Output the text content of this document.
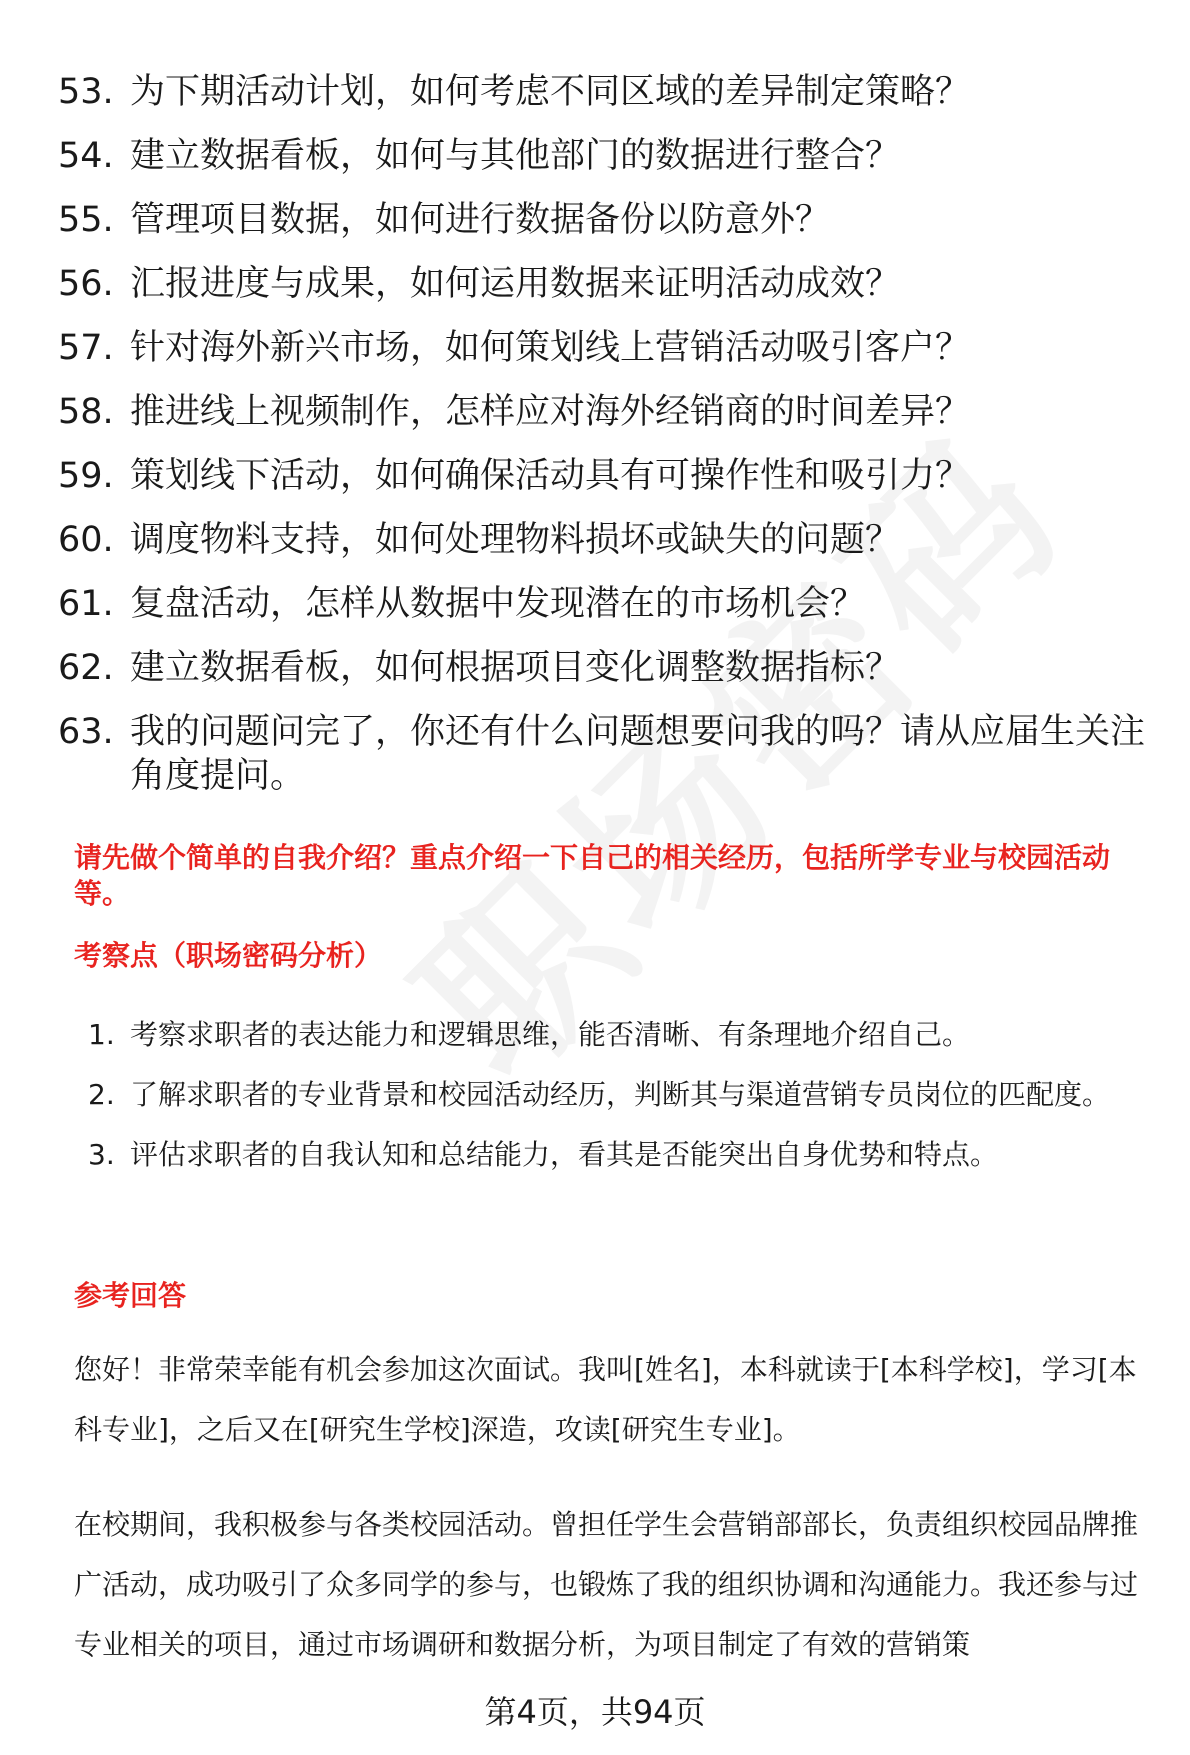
53. 为下期活动计划，如何考虑不同区域的差异制定策略？
54. 建立数据看板，如何与其他部门的数据进行整合？
55. 管理项目数据，如何进行数据备份以防意外？
56. 汇报进度与成果，如何运用数据来证明活动成效？
57. 针对海外新兴市场，如何策划线上营销活动吸引客户？
58. 推进线上视频制作，怎样应对海外经销商的时间差异？
59. 策划线下活动，如何确保活动具有可操作性和吸引力？
60. 调度物料支持，如何处理物料损坏或缺失的问题？
61. 复盘活动，怎样从数据中发现潜在的市场机会？
62. 建立数据看板，如何根据项目变化调整数据指标？
63. 我的问题问完了，你还有什么问题想要问我的吗？请从应届生关注角度提问。
请先做个简单的自我介绍？重点介绍一下自己的相关经历，包括所学专业与校园活动等。
考察点（职场密码分析）
1. 考察求职者的表达能力和逻辑思维，能否清晰、有条理地介绍自己。
2. 了解求职者的专业背景和校园活动经历，判断其与渠道营销专员岗位的匹配度。
3. 评估求职者的自我认知和总结能力，看其是否能突出自身优势和特点。
参考回答

您好！非常荣幸能有机会参加这次面试。我叫[姓名]，本科就读于[本科学校]，学习[本科专业]，之后又在[研究生学校]深造，攻读[研究生专业]。

在校期间，我积极参与各类校园活动。曾担任学生会营销部部长，负责组织校园品牌推广活动，成功吸引了众多同学的参与，也锻炼了我的组织协调和沟通能力。我还参与过专业相关的项目，通过市场调研和数据分析，为项目制定了有效的营销策

第4页，共94页
